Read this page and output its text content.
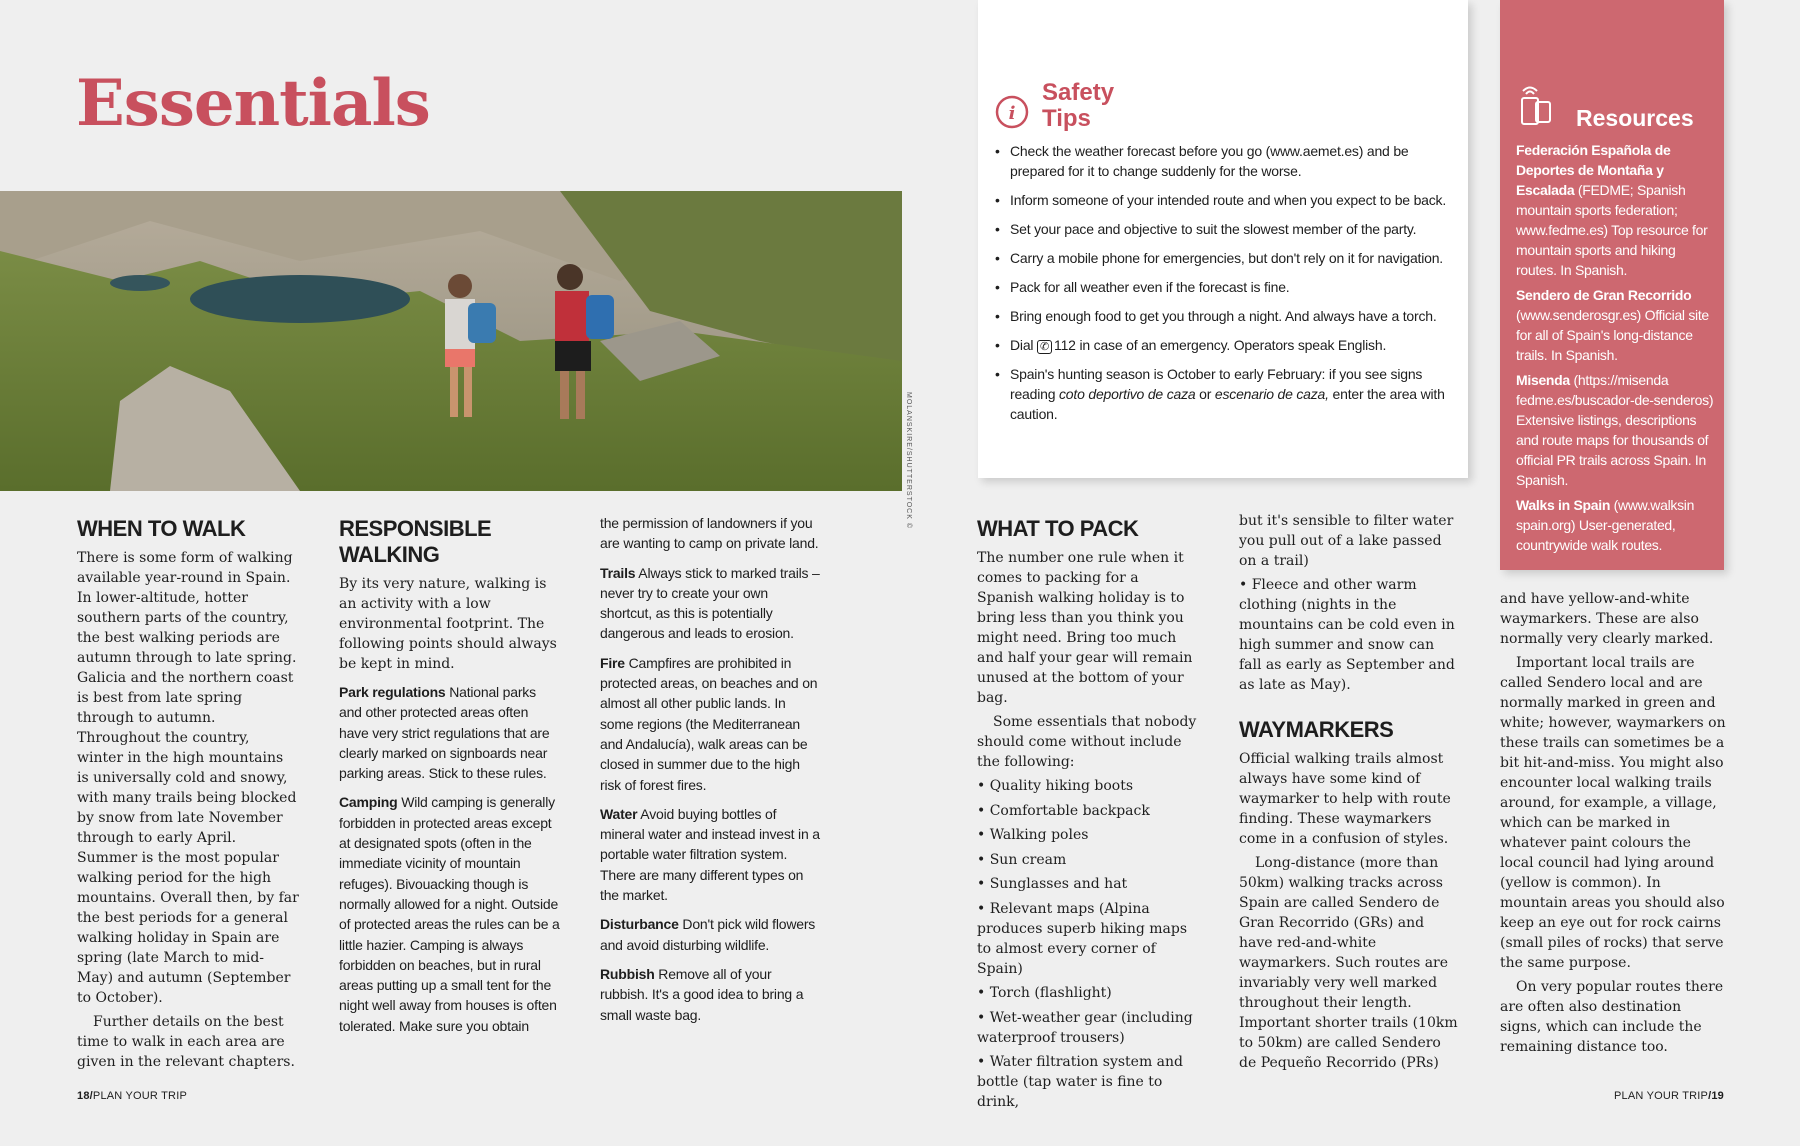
Essentials
MOLANSKIRE/SHUTTERSTOCK ©
WHEN TO WALK

There is some form of walking available year-round in Spain. In lower-altitude, hotter southern parts of the country, the best walking periods are autumn through to late spring. Galicia and the northern coast is best from late spring through to autumn. Throughout the country, winter in the high mountains is universally cold and snowy, with many trails being blocked by snow from late November through to early April. Summer is the most popular walking period for the high mountains. Overall then, by far the best periods for a general walking holiday in Spain are spring (late March to mid-May) and autumn (September to October).

Further details on the best time to walk in each area are given in the relevant chapters.

RESPONSIBLE WALKING

By its very nature, walking is an activity with a low environmental footprint. The following points should always be kept in mind.

Park regulations National parks and other protected areas often have very strict regulations that are clearly marked on signboards near parking areas. Stick to these rules.

Camping Wild camping is generally forbidden in protected areas except at designated spots (often in the immediate vicinity of mountain refuges). Bivouacking though is normally allowed for a night. Outside of protected areas the rules can be a little hazier. Camping is always forbidden on beaches, but in rural areas putting up a small tent for the night well away from houses is often tolerated. Make sure you obtain

the permission of landowners if you are wanting to camp on private land.

Trails Always stick to marked trails – never try to create your own shortcut, as this is potentially dangerous and leads to erosion.

Fire Campfires are prohibited in protected areas, on beaches and on almost all other public lands. In some regions (the Mediterranean and Andalucía), walk areas can be closed in summer due to the high risk of forest fires.

Water Avoid buying bottles of mineral water and instead invest in a portable water filtration system. There are many different types on the market.

Disturbance Don't pick wild flowers and avoid disturbing wildlife.

Rubbish Remove all of your rubbish. It's a good idea to bring a small waste bag.

i
Safety
Tips
• Check the weather forecast before you go (www.aemet.es) and be prepared for it to change suddenly for the worse.
• Inform someone of your intended route and when you expect to be back.
• Set your pace and objective to suit the slowest member of the party.
• Carry a mobile phone for emergencies, but don't rely on it for navigation.
• Pack for all weather even if the forecast is fine.
• Bring enough food to get you through a night. And always have a torch.
• Dial ✆ 112 in case of an emergency. Operators speak English.
• Spain's hunting season is October to early February: if you see signs reading coto deportivo de caza or escenario de caza, enter the area with caution.
Resources

Federación Española de Deportes de Montaña y Escalada (FEDME; Spanish mountain sports federation; www.fedme.es) Top resource for mountain sports and hiking routes. In Spanish.

Sendero de Gran Recorrido (www.senderosgr.es) Official site for all of Spain's long-distance trails. In Spanish.

Misenda (https://misenda fedme.es/buscador-de-senderos) Extensive listings, descriptions and route maps for thousands of official PR trails across Spain. In Spanish.

Walks in Spain (www.walksin spain.org) User-generated, countrywide walk routes.

WHAT TO PACK

The number one rule when it comes to packing for a Spanish walking holiday is to bring less than you think you might need. Bring too much and half your gear will remain unused at the bottom of your bag.

Some essentials that nobody should come without include the following:

• Quality hiking boots
• Comfortable backpack
• Walking poles
• Sun cream
• Sunglasses and hat
• Relevant maps (Alpina produces superb hiking maps to almost every corner of Spain)
• Torch (flashlight)
• Wet-weather gear (including waterproof trousers)
• Water filtration system and bottle (tap water is fine to drink,

but it's sensible to filter water you pull out of a lake passed on a trail)

• Fleece and other warm clothing (nights in the mountains can be cold even in high summer and snow can fall as early as September and as late as May).

WAYMARKERS

Official walking trails almost always have some kind of waymarker to help with route finding. These waymarkers come in a confusion of styles.

Long-distance (more than 50km) walking tracks across Spain are called Sendero de Gran Recorrido (GRs) and have red-and-white waymarkers. Such routes are invariably very well marked throughout their length. Important shorter trails (10km to 50km) are called Sendero de Pequeño Recorrido (PRs)

and have yellow-and-white waymarkers. These are also normally very clearly marked.

Important local trails are called Sendero local and are normally marked in green and white; however, waymarkers on these trails can sometimes be a bit hit-and-miss. You might also encounter local walking trails around, for example, a village, which can be marked in whatever paint colours the local council had lying around (yellow is common). In mountain areas you should also keep an eye out for rock cairns (small piles of rocks) that serve the same purpose.

On very popular routes there are often also destination signs, which can include the remaining distance too.

18/PLAN YOUR TRIP	PLAN YOUR TRIP/19
